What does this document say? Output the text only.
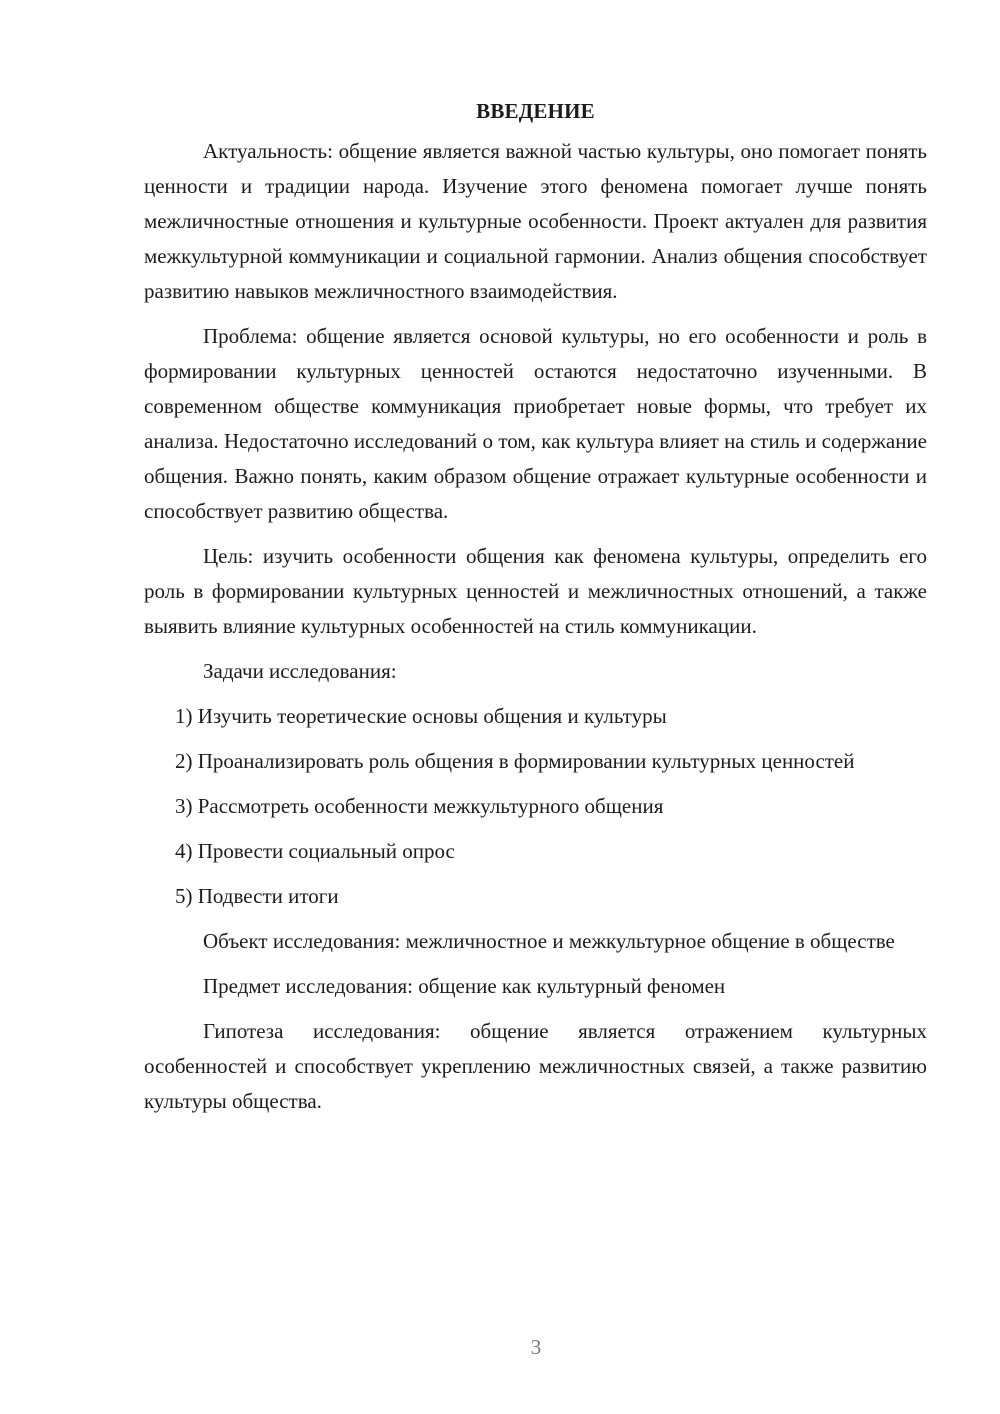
ВВЕДЕНИЕ

Актуальность: общение является важной частью культуры, оно помогает понять ценности и традиции народа. Изучение этого феномена помогает лучше понять межличностные отношения и культурные особенности. Проект актуален для развития межкультурной коммуникации и социальной гармонии. Анализ общения способствует развитию навыков межличностного взаимодействия.

Проблема: общение является основой культуры, но его особенности и роль в формировании культурных ценностей остаются недостаточно изученными. В современном обществе коммуникация приобретает новые формы, что требует их анализа. Недостаточно исследований о том, как культура влияет на стиль и содержание общения. Важно понять, каким образом общение отражает культурные особенности и способствует развитию общества.

Цель: изучить особенности общения как феномена культуры, определить его роль в формировании культурных ценностей и межличностных отношений, а также выявить влияние культурных особенностей на стиль коммуникации.

Задачи исследования:

1) Изучить теоретические основы общения и культуры

2) Проанализировать роль общения в формировании культурных ценностей

3) Рассмотреть особенности межкультурного общения

4) Провести социальный опрос

5) Подвести итоги

Объект исследования: межличностное и межкультурное общение в обществе

Предмет исследования: общение как культурный феномен

Гипотеза исследования: общение является отражением культурных особенностей и способствует укреплению межличностных связей, а также развитию культуры общества.

3
